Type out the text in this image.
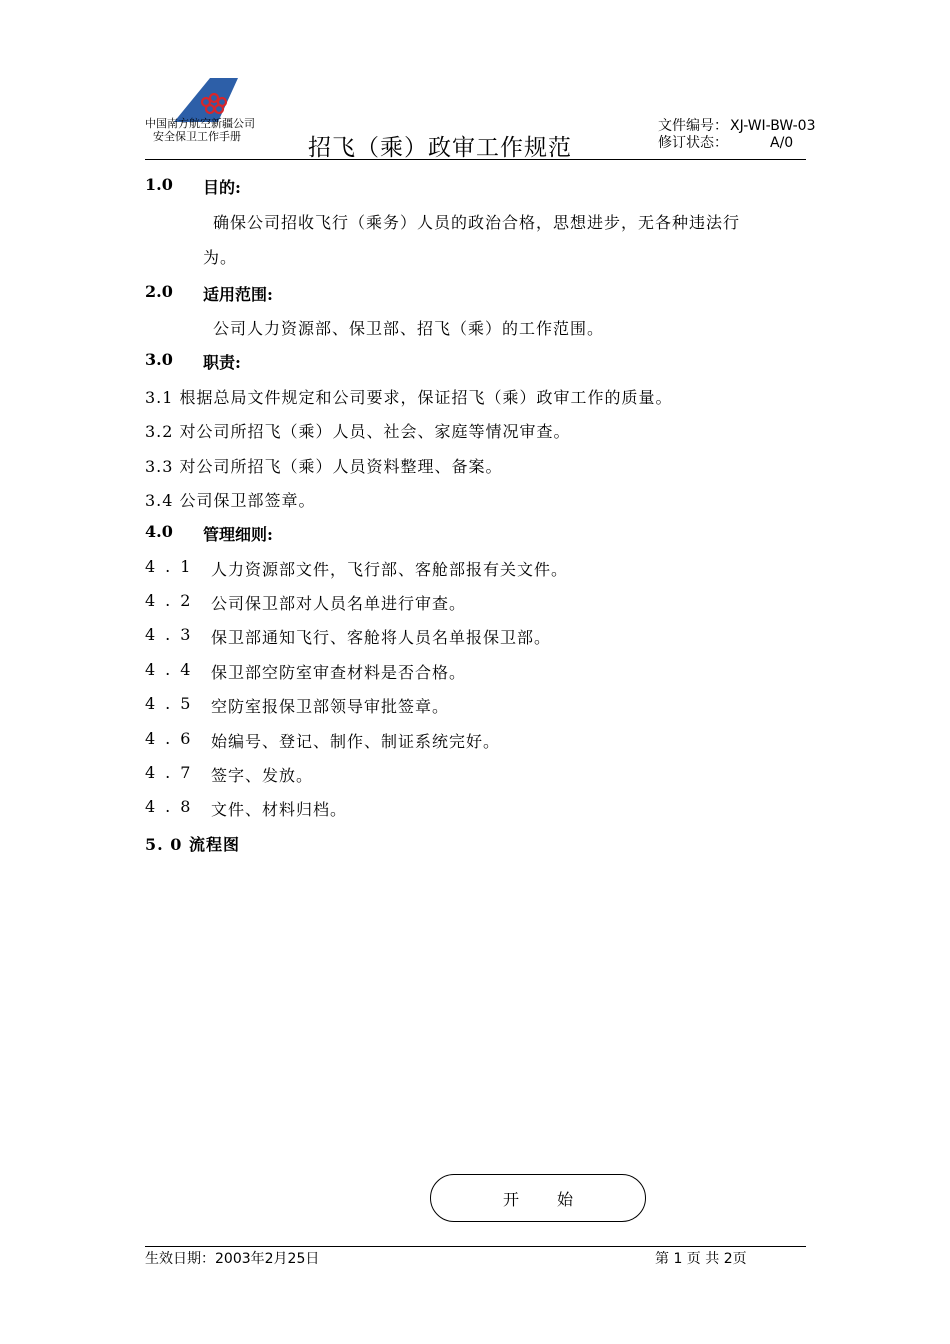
中国南方航空新疆公司
安全保卫工作手册	招飞（乘）政审工作规范
文件编号： XJ-WI-BW-03
修订状态：	A/0
1.0 目的:
确保公司招收飞行（乘务）人员的政治合格，思想进步，无各种违法行
为。
2.0 适用范围:
公司人力资源部、保卫部、招飞（乘）的工作范围。
3.0 职责:
3.1 根据总局文件规定和公司要求，保证招飞（乘）政审工作的质量。
3.2 对公司所招飞（乘）人员、社会、家庭等情况审查。
3.3 对公司所招飞（乘）人员资料整理、备案。
3.4 公司保卫部签章。
4.0 管理细则:
4.1 人力资源部文件，飞行部、客舱部报有关文件。
4.2 公司保卫部对人员名单进行审查。
4.3 保卫部通知飞行、客舱将人员名单报保卫部。
4.4 保卫部空防室审查材料是否合格。
4.5 空防室报保卫部领导审批签章。
4.6 始编号、登记、制作、制证系统完好。
4.7 签字、发放。
4.8 文件、材料归档。
5. 0 流程图
开始
生效日期：2003年2月25日	第 1 页 共 2页
